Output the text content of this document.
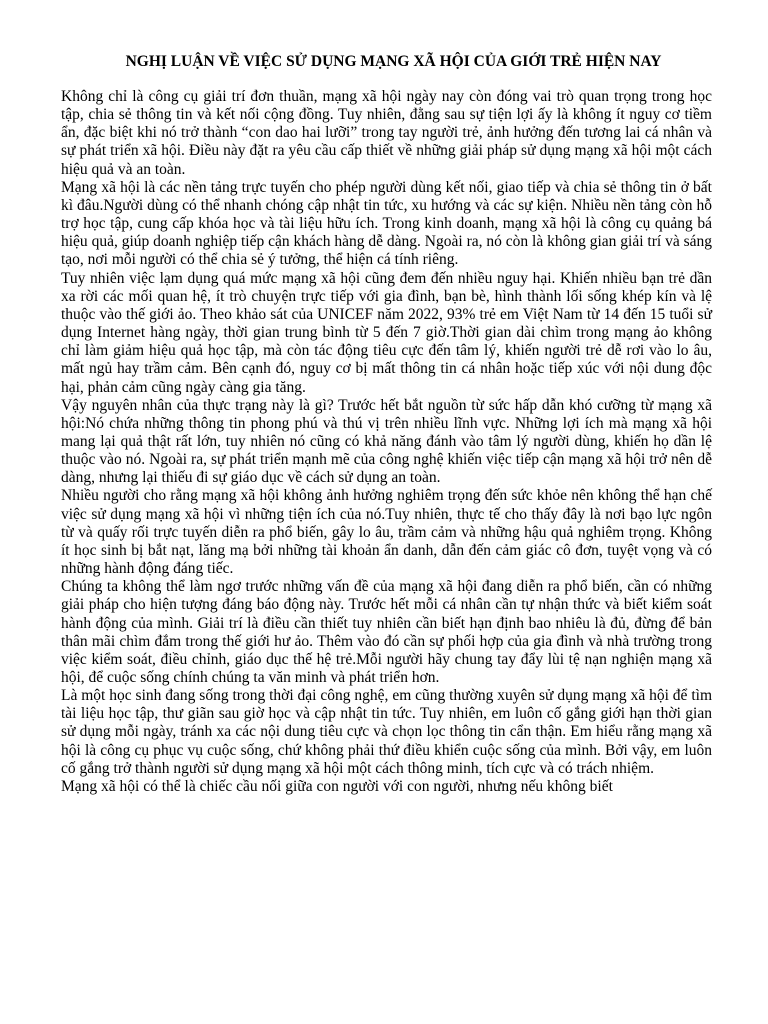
NGHỊ LUẬN VỀ VIỆC SỬ DỤNG MẠNG XÃ HỘI CỦA GIỚI TRẺ HIỆN NAY

Không chỉ là công cụ giải trí đơn thuần, mạng xã hội ngày nay còn đóng vai trò quan trọng trong học tập, chia sẻ thông tin và kết nối cộng đồng. Tuy nhiên, đằng sau sự tiện lợi ấy là không ít nguy cơ tiềm ẩn, đặc biệt khi nó trở thành “con dao hai lưỡi” trong tay người trẻ, ảnh hưởng đến tương lai cá nhân và sự phát triển xã hội. Điều này đặt ra yêu cầu cấp thiết về những giải pháp sử dụng mạng xã hội một cách hiệu quả và an toàn.

Mạng xã hội là các nền tảng trực tuyến cho phép người dùng kết nối, giao tiếp và chia sẻ thông tin ở bất kì đâu.Người dùng có thể nhanh chóng cập nhật tin tức, xu hướng và các sự kiện. Nhiều nền tảng còn hỗ trợ học tập, cung cấp khóa học và tài liệu hữu ích. Trong kinh doanh, mạng xã hội là công cụ quảng bá hiệu quả, giúp doanh nghiệp tiếp cận khách hàng dễ dàng. Ngoài ra, nó còn là không gian giải trí và sáng tạo, nơi mỗi người có thể chia sẻ ý tưởng, thể hiện cá tính riêng.

Tuy nhiên việc lạm dụng quá mức mạng xã hội cũng đem đến nhiều nguy hại. Khiến nhiều bạn trẻ dần xa rời các mối quan hệ, ít trò chuyện trực tiếp với gia đình, bạn bè, hình thành lối sống khép kín và lệ thuộc vào thế giới ảo. Theo khảo sát của UNICEF năm 2022, 93% trẻ em Việt Nam từ 14 đến 15 tuổi sử dụng Internet hàng ngày, thời gian trung bình từ 5 đến 7 giờ.Thời gian dài chìm trong mạng ảo không chỉ làm giảm hiệu quả học tập, mà còn tác động tiêu cực đến tâm lý, khiến người trẻ dễ rơi vào lo âu, mất ngủ hay trầm cảm. Bên cạnh đó, nguy cơ bị mất thông tin cá nhân hoặc tiếp xúc với nội dung độc hại, phản cảm cũng ngày càng gia tăng.

Vậy nguyên nhân của thực trạng này là gì? Trước hết bắt nguồn từ sức hấp dẫn khó cưỡng từ mạng xã hội:Nó chứa những thông tin phong phú và thú vị trên nhiều lĩnh vực. Những lợi ích mà mạng xã hội mang lại quả thật rất lớn, tuy nhiên nó cũng có khả năng đánh vào tâm lý người dùng, khiến họ dần lệ thuộc vào nó. Ngoài ra, sự phát triển mạnh mẽ của công nghệ khiến việc tiếp cận mạng xã hội trở nên dễ dàng, nhưng lại thiếu đi sự giáo dục về cách sử dụng an toàn.

Nhiều người cho rằng mạng xã hội không ảnh hưởng nghiêm trọng đến sức khỏe nên không thể hạn chế việc sử dụng mạng xã hội vì những tiện ích của nó.Tuy nhiên, thực tế cho thấy đây là nơi bạo lực ngôn từ và quấy rối trực tuyến diễn ra phổ biến, gây lo âu, trầm cảm và những hậu quả nghiêm trọng. Không ít học sinh bị bắt nạt, lăng mạ bởi những tài khoản ẩn danh, dẫn đến cảm giác cô đơn, tuyệt vọng và có những hành động đáng tiếc.

Chúng ta không thể làm ngơ trước những vấn đề của mạng xã hội đang diễn ra phổ biến, cần có những giải pháp cho hiện tượng đáng báo động này. Trước hết mỗi cá nhân cần tự nhận thức và biết kiểm soát hành động của mình. Giải trí là điều cần thiết tuy nhiên cần biết hạn định bao nhiêu là đủ, đừng để bản thân mãi chìm đắm trong thế giới hư ảo. Thêm vào đó cần sự phối hợp của gia đình và nhà trường trong việc kiểm soát, điều chỉnh, giáo dục thế hệ trẻ.Mỗi người hãy chung tay đẩy lùi tệ nạn nghiện mạng xã hội, để cuộc sống chính chúng ta văn minh và phát triển hơn.

Là một học sinh đang sống trong thời đại công nghệ, em cũng thường xuyên sử dụng mạng xã hội để tìm tài liệu học tập, thư giãn sau giờ học và cập nhật tin tức. Tuy nhiên, em luôn cố gắng giới hạn thời gian sử dụng mỗi ngày, tránh xa các nội dung tiêu cực và chọn lọc thông tin cẩn thận. Em hiểu rằng mạng xã hội là công cụ phục vụ cuộc sống, chứ không phải thứ điều khiển cuộc sống của mình. Bởi vậy, em luôn cố gắng trở thành người sử dụng mạng xã hội một cách thông minh, tích cực và có trách nhiệm.

Mạng xã hội có thể là chiếc cầu nối giữa con người với con người, nhưng nếu không biết
